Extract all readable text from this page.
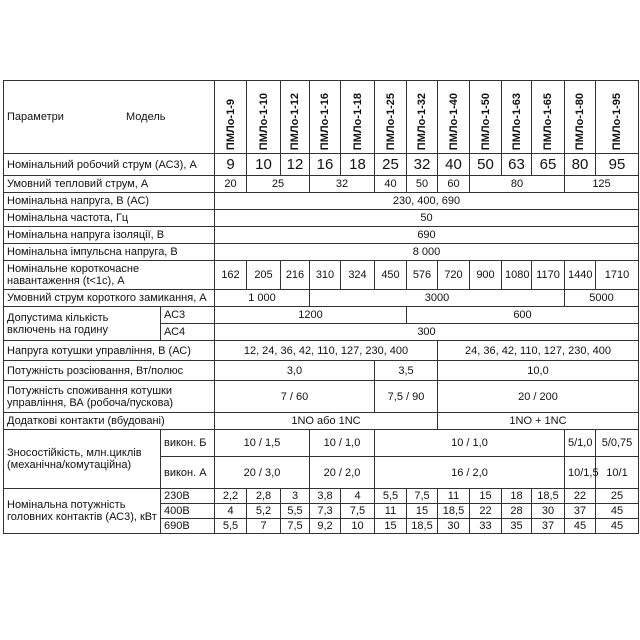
Параметри Модель		ПМЛо-1-9	ПМЛо-1-10	ПМЛо-1-12	ПМЛо-1-16	ПМЛо-1-18	ПМЛо-1-25	ПМЛо-1-32	ПМЛо-1-40	ПМЛо-1-50	ПМЛо-1-63	ПМЛо-1-65	ПМЛо-1-80	ПМЛо-1-95
Номінальний робочий струм (АС3), А		9	10	12	16	18	25	32	40	50	63	65	80	95
Умовний тепловий струм, А		20	25		32		40	50	60	80			125	
Номінальна напруга, В (АС)		230, 400, 690												
Номінальна частота, Гц		50												
Номінальна напруга ізоляції, В		690												
Номінальна імпульсна напруга, В		8 000												
Номінальне короткочасне
навантаження (t<1с), А		162	205	216	310	324	450	576	720	900	1080	1170	1440	1710
Умовний струм короткого замикання, А		1 000			3000								5000	
Допустима кількість
включень на годину	АС3	1200						600						
	АС4	300												
Напруга котушки управління, В (АС)		12, 24, 36, 42, 110, 127, 230, 400							24, 36, 42, 110, 127, 230, 400					
Потужність розсіювання, Вт/полюс		3,0					3,5		10,0					
Потужність споживання котушки
управління, ВА (робоча/пускова)		7 / 60					7,5 / 90		20 / 200					
Додаткові контакти (вбудовані)		1NO або 1NC							1NO + 1NC					
Зносостійкість, млн.циклів
(механічна/комутаційна)	викон. Б	10 / 1,5			10 / 1,0		10 / 1,0						5/1,0	5/0,75
	викон. А	20 / 3,0			20 / 2,0		16 / 2,0						10/1,5	10/1
Номінальна потужність
головних контактів (АС3), кВт	230В	2,2	2,8	3	3,8	4	5,5	7,5	11	15	18	18,5	22	25
	400В	4	5,2	5,5	7,3	7,5	11	15	18,5	22	28	30	37	45
	690В	5,5	7	7,5	9,2	10	15	18,5	30	33	35	37	45	45
